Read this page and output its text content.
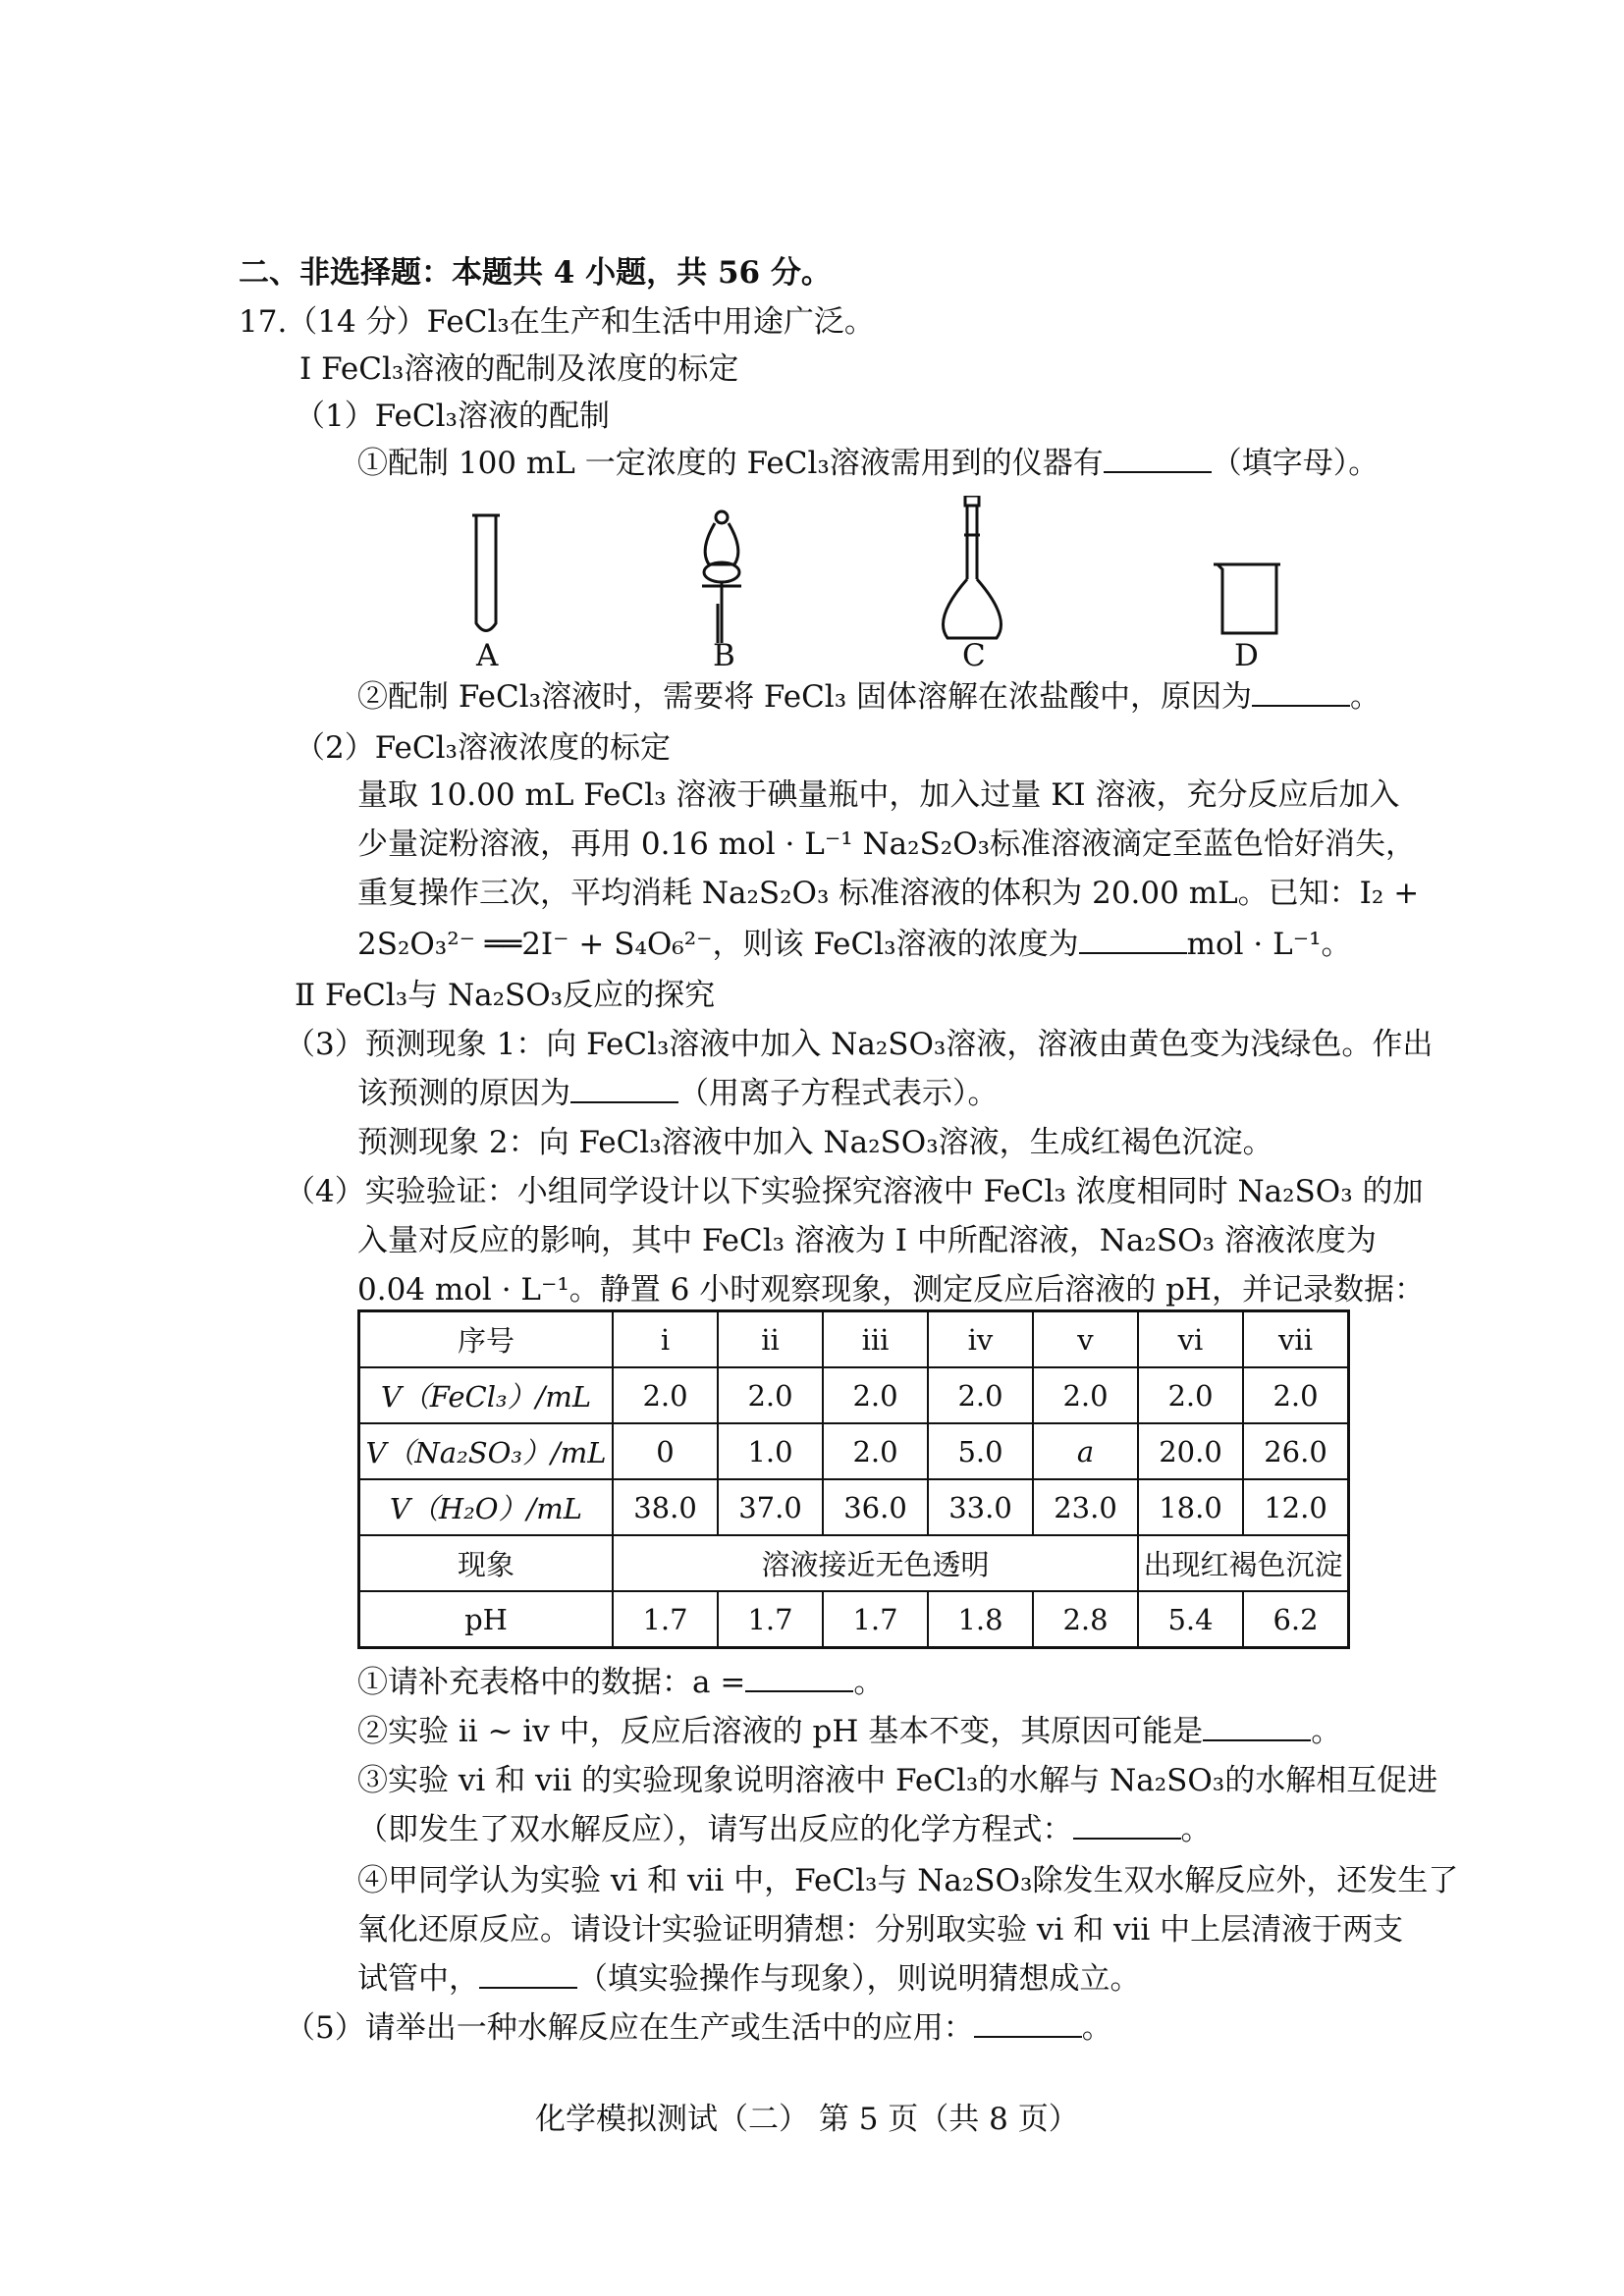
二、非选择题：本题共 4 小题，共 56 分。
17.（14 分）FeCl₃在生产和生活中用途广泛。
Ⅰ FeCl₃溶液的配制及浓度的标定
（1）FeCl₃溶液的配制
①配制 100 mL 一定浓度的 FeCl₃溶液需用到的仪器有	（填字母）。
A	B	C	D
②配制 FeCl₃溶液时，需要将 FeCl₃ 固体溶解在浓盐酸中，原因为	。
（2）FeCl₃溶液浓度的标定
量取 10.00 mL FeCl₃ 溶液于碘量瓶中，加入过量 KI 溶液，充分反应后加入
少量淀粉溶液，再用 0.16 mol · L⁻¹ Na₂S₂O₃标准溶液滴定至蓝色恰好消失，
重复操作三次，平均消耗 Na₂S₂O₃ 标准溶液的体积为 20.00 mL。已知：I₂ +
2S₂O₃²⁻ ══2I⁻ + S₄O₆²⁻，则该 FeCl₃溶液的浓度为	mol · L⁻¹。
Ⅱ FeCl₃与 Na₂SO₃反应的探究
（3）预测现象 1：向 FeCl₃溶液中加入 Na₂SO₃溶液，溶液由黄色变为浅绿色。作出
该预测的原因为	（用离子方程式表示）。
预测现象 2：向 FeCl₃溶液中加入 Na₂SO₃溶液，生成红褐色沉淀。
（4）实验验证：小组同学设计以下实验探究溶液中 FeCl₃ 浓度相同时 Na₂SO₃ 的加
入量对反应的影响，其中 FeCl₃ 溶液为 Ⅰ 中所配溶液，Na₂SO₃ 溶液浓度为
0.04 mol · L⁻¹。静置 6 小时观察现象，测定反应后溶液的 pH，并记录数据：
序号	i	ii	iii	iv	v	vi	vii
V（FeCl₃）/mL	2.0	2.0	2.0	2.0	2.0	2.0	2.0
V（Na₂SO₃）/mL	0	1.0	2.0	5.0	a	20.0	26.0
V（H₂O）/mL	38.0	37.0	36.0	33.0	23.0	18.0	12.0
现象	溶液接近无色透明					出现红褐色沉淀	
pH	1.7	1.7	1.7	1.8	2.8	5.4	6.2
①请补充表格中的数据：a =	。
②实验 ii ~ iv 中，反应后溶液的 pH 基本不变，其原因可能是	。
③实验 vi 和 vii 的实验现象说明溶液中 FeCl₃的水解与 Na₂SO₃的水解相互促进
（即发生了双水解反应），请写出反应的化学方程式：	。
④甲同学认为实验 vi 和 vii 中，FeCl₃与 Na₂SO₃除发生双水解反应外，还发生了
氧化还原反应。请设计实验证明猜想：分别取实验 vi 和 vii 中上层清液于两支
试管中，	（填实验操作与现象），则说明猜想成立。
（5）请举出一种水解反应在生产或生活中的应用：	。
化学模拟测试（二） 第 5 页（共 8 页）
